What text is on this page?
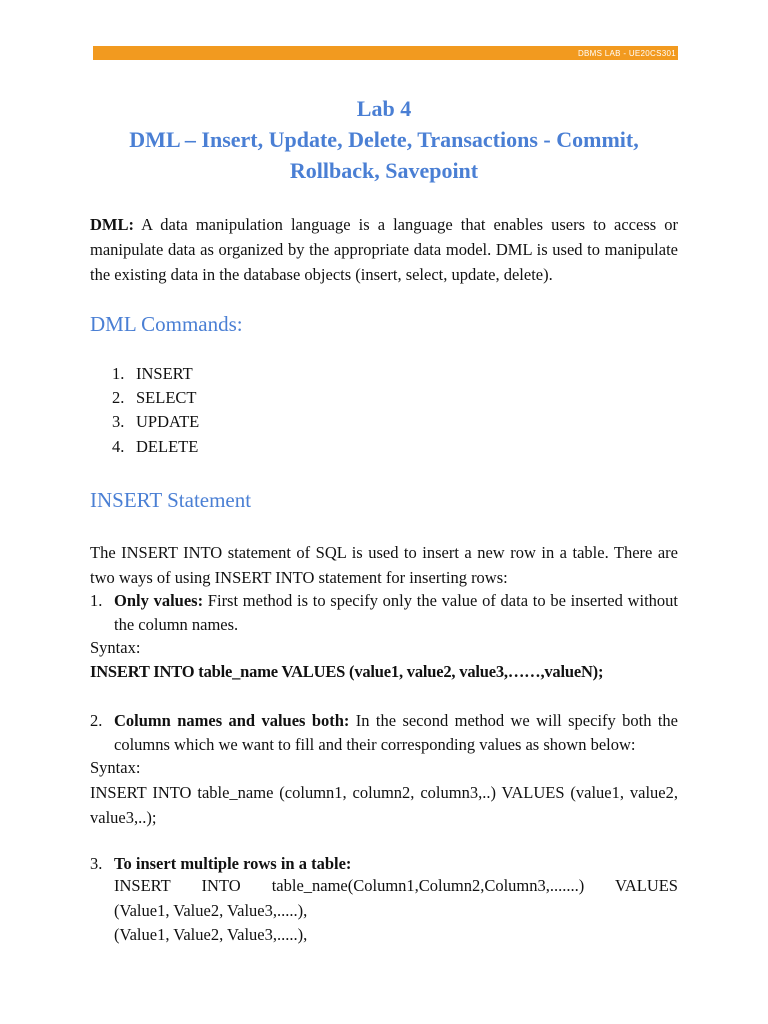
DBMS LAB - UE20CS301
Lab 4
DML – Insert, Update, Delete, Transactions - Commit,
Rollback, Savepoint

DML: A data manipulation language is a language that enables users to access or manipulate data as organized by the appropriate data model. DML is used to manipulate the existing data in the database objects (insert, select, update, delete).

DML Commands:
1. INSERT
2. SELECT
3. UPDATE
4. DELETE
INSERT Statement

The INSERT INTO statement of SQL is used to insert a new row in a table. There are two ways of using INSERT INTO statement for inserting rows:

1. Only values: First method is to specify only the value of data to be inserted without the column names.
Syntax:
INSERT INTO table_name VALUES (value1, value2, value3,……,valueN);
2. Column names and values both: In the second method we will specify both the columns which we want to fill and their corresponding values as shown below:
Syntax:

INSERT INTO table_name (column1, column2, column3,..) VALUES (value1, value2, value3,..);

3. To insert multiple rows in a table:

INSERT INTO table_name(Column1,Column2,Column3,.......) VALUES

(Value1, Value2, Value3,.....),
(Value1, Value2, Value3,.....),
